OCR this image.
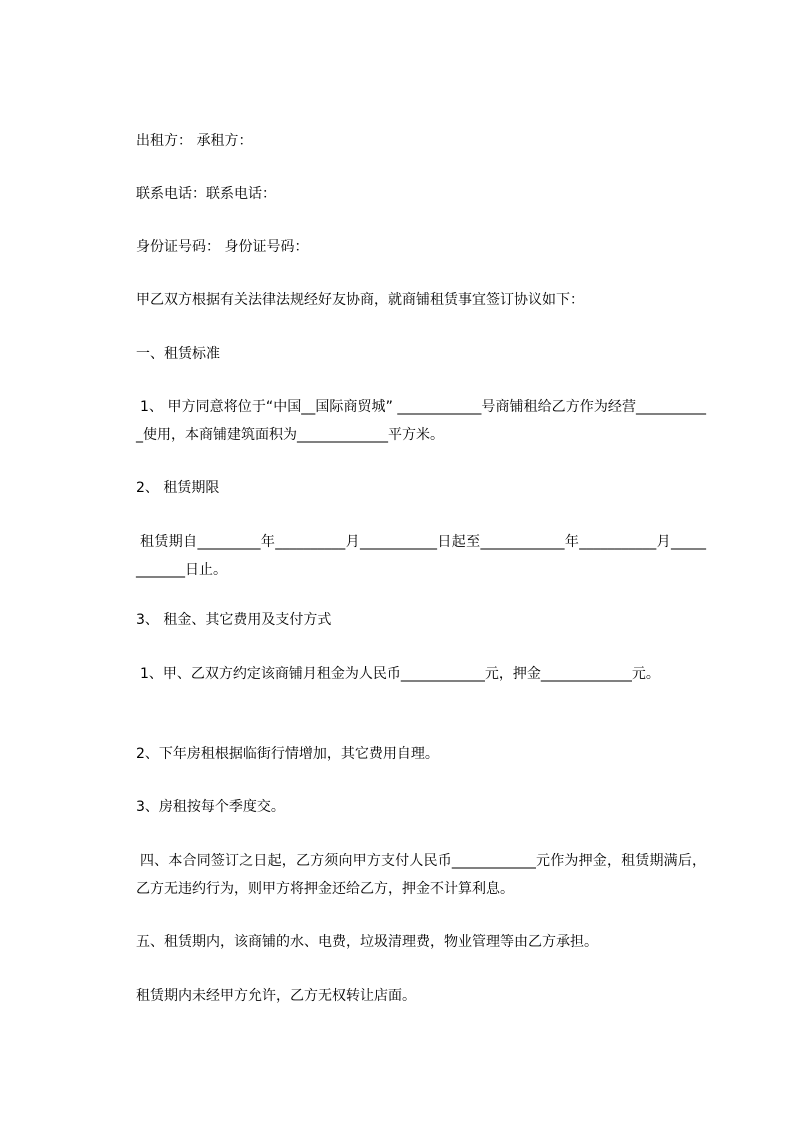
出租方： 承租方：

联系电话：联系电话：

身份证号码： 身份证号码：

甲乙双方根据有关法律法规经好友协商，就商铺租赁事宜签订协议如下：

一、租赁标准

1、 甲方同意将位于“中国__国际商贸城” ____________号商铺租给乙方作为经营___________使用，本商铺建筑面积为_____________平方米。

2、 租赁期限

租赁期自_________年__________月___________日起至____________年___________月____________日止。

3、 租金、其它费用及支付方式

1、甲、乙双方约定该商铺月租金为人民币____________元，押金_____________元。

2、下年房租根据临街行情增加，其它费用自理。

3、房租按每个季度交。

四、本合同签订之日起，乙方须向甲方支付人民币____________元作为押金，租赁期满后，乙方无违约行为，则甲方将押金还给乙方，押金不计算利息。

五、租赁期内，该商铺的水、电费，垃圾清理费，物业管理等由乙方承担。

租赁期内未经甲方允许，乙方无权转让店面。
